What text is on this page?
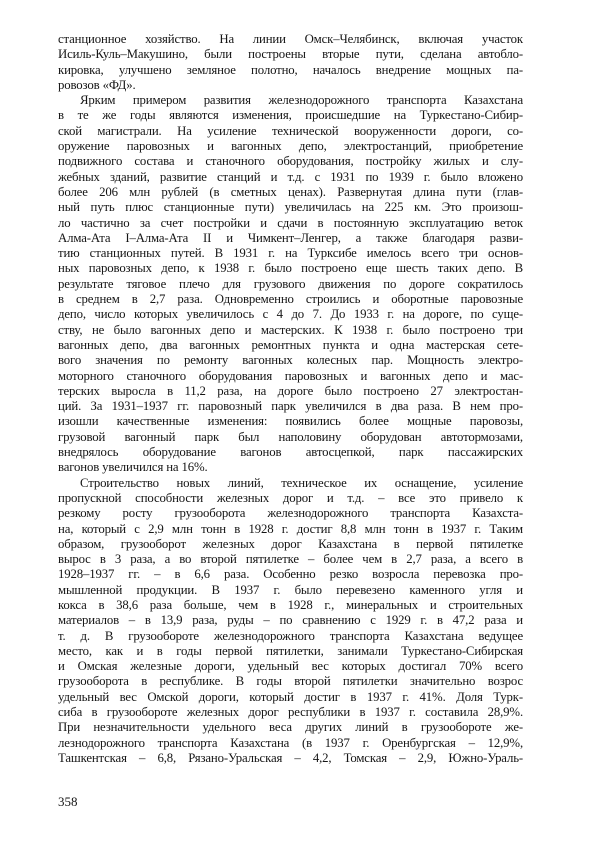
станционное хозяйство. На линии Омск–Челябинск, включая участок
Исиль-Куль–Макушино, были построены вторые пути, сделана автобло-
кировка, улучшено земляное полотно, началось внедрение мощных па-
ровозов «ФД».
Ярким примером развития железнодорожного транспорта Казахстана
в те же годы являются изменения, происшедшие на Туркестано-Сибир-
ской магистрали. На усиление технической вооруженности дороги, со-
оружение паровозных и вагонных депо, электростанций, приобретение
подвижного состава и станочного оборудования, постройку жилых и слу-
жебных зданий, развитие станций и т.д. с 1931 по 1939 г. было вложено
более 206 млн рублей (в сметных ценах). Развернутая длина пути (глав-
ный путь плюс станционные пути) увеличилась на 225 км. Это произош-
ло частично за счет постройки и сдачи в постоянную эксплуатацию веток
Алма-Ата I–Алма-Ата II и Чимкент–Ленгер, а также благодаря разви-
тию станционных путей. В 1931 г. на Турксибе имелось всего три основ-
ных паровозных депо, к 1938 г. было построено еще шесть таких депо. В
результате тяговое плечо для грузового движения по дороге сократилось
в среднем в 2,7 раза. Одновременно строились и оборотные паровозные
депо, число которых увеличилось с 4 до 7. До 1933 г. на дороге, по суще-
ству, не было вагонных депо и мастерских. К 1938 г. было построено три
вагонных депо, два вагонных ремонтных пункта и одна мастерская сете-
вого значения по ремонту вагонных колесных пар. Мощность электро-
моторного станочного оборудования паровозных и вагонных депо и мас-
терских выросла в 11,2 раза, на дороге было построено 27 электростан-
ций. За 1931–1937 гг. паровозный парк увеличился в два раза. В нем про-
изошли качественные изменения: появились более мощные паровозы,
грузовой вагонный парк был наполовину оборудован автотормозами,
внедрялось оборудование вагонов автосцепкой, парк пассажирских
вагонов увеличился на 16%.
Строительство новых линий, техническое их оснащение, усиление
пропускной способности железных дорог и т.д. – все это привело к
резкому росту грузооборота железнодорожного транспорта Казахста-
на, который с 2,9 млн тонн в 1928 г. достиг 8,8 млн тонн в 1937 г. Таким
образом, грузооборот железных дорог Казахстана в первой пятилетке
вырос в 3 раза, а во второй пятилетке – более чем в 2,7 раза, а всего в
1928–1937 гг. – в 6,6 раза. Особенно резко возросла перевозка про-
мышленной продукции. В 1937 г. было перевезено каменного угля и
кокса в 38,6 раза больше, чем в 1928 г., минеральных и строительных
материалов – в 13,9 раза, руды – по сравнению с 1929 г. в 47,2 раза и
т. д. В грузообороте железнодорожного транспорта Казахстана ведущее
место, как и в годы первой пятилетки, занимали Туркестано-Сибирская
и Омская железные дороги, удельный вес которых достигал 70% всего
грузооборота в республике. В годы второй пятилетки значительно возрос
удельный вес Омской дороги, который достиг в 1937 г. 41%. Доля Турк-
сиба в грузообороте железных дорог республики в 1937 г. составила 28,9%.
При незначительности удельного веса других линий в грузообороте же-
лезнодорожного транспорта Казахстана (в 1937 г. Оренбургская – 12,9%,
Ташкентская – 6,8, Рязано-Уральская – 4,2, Томская – 2,9, Южно-Ураль-
358
